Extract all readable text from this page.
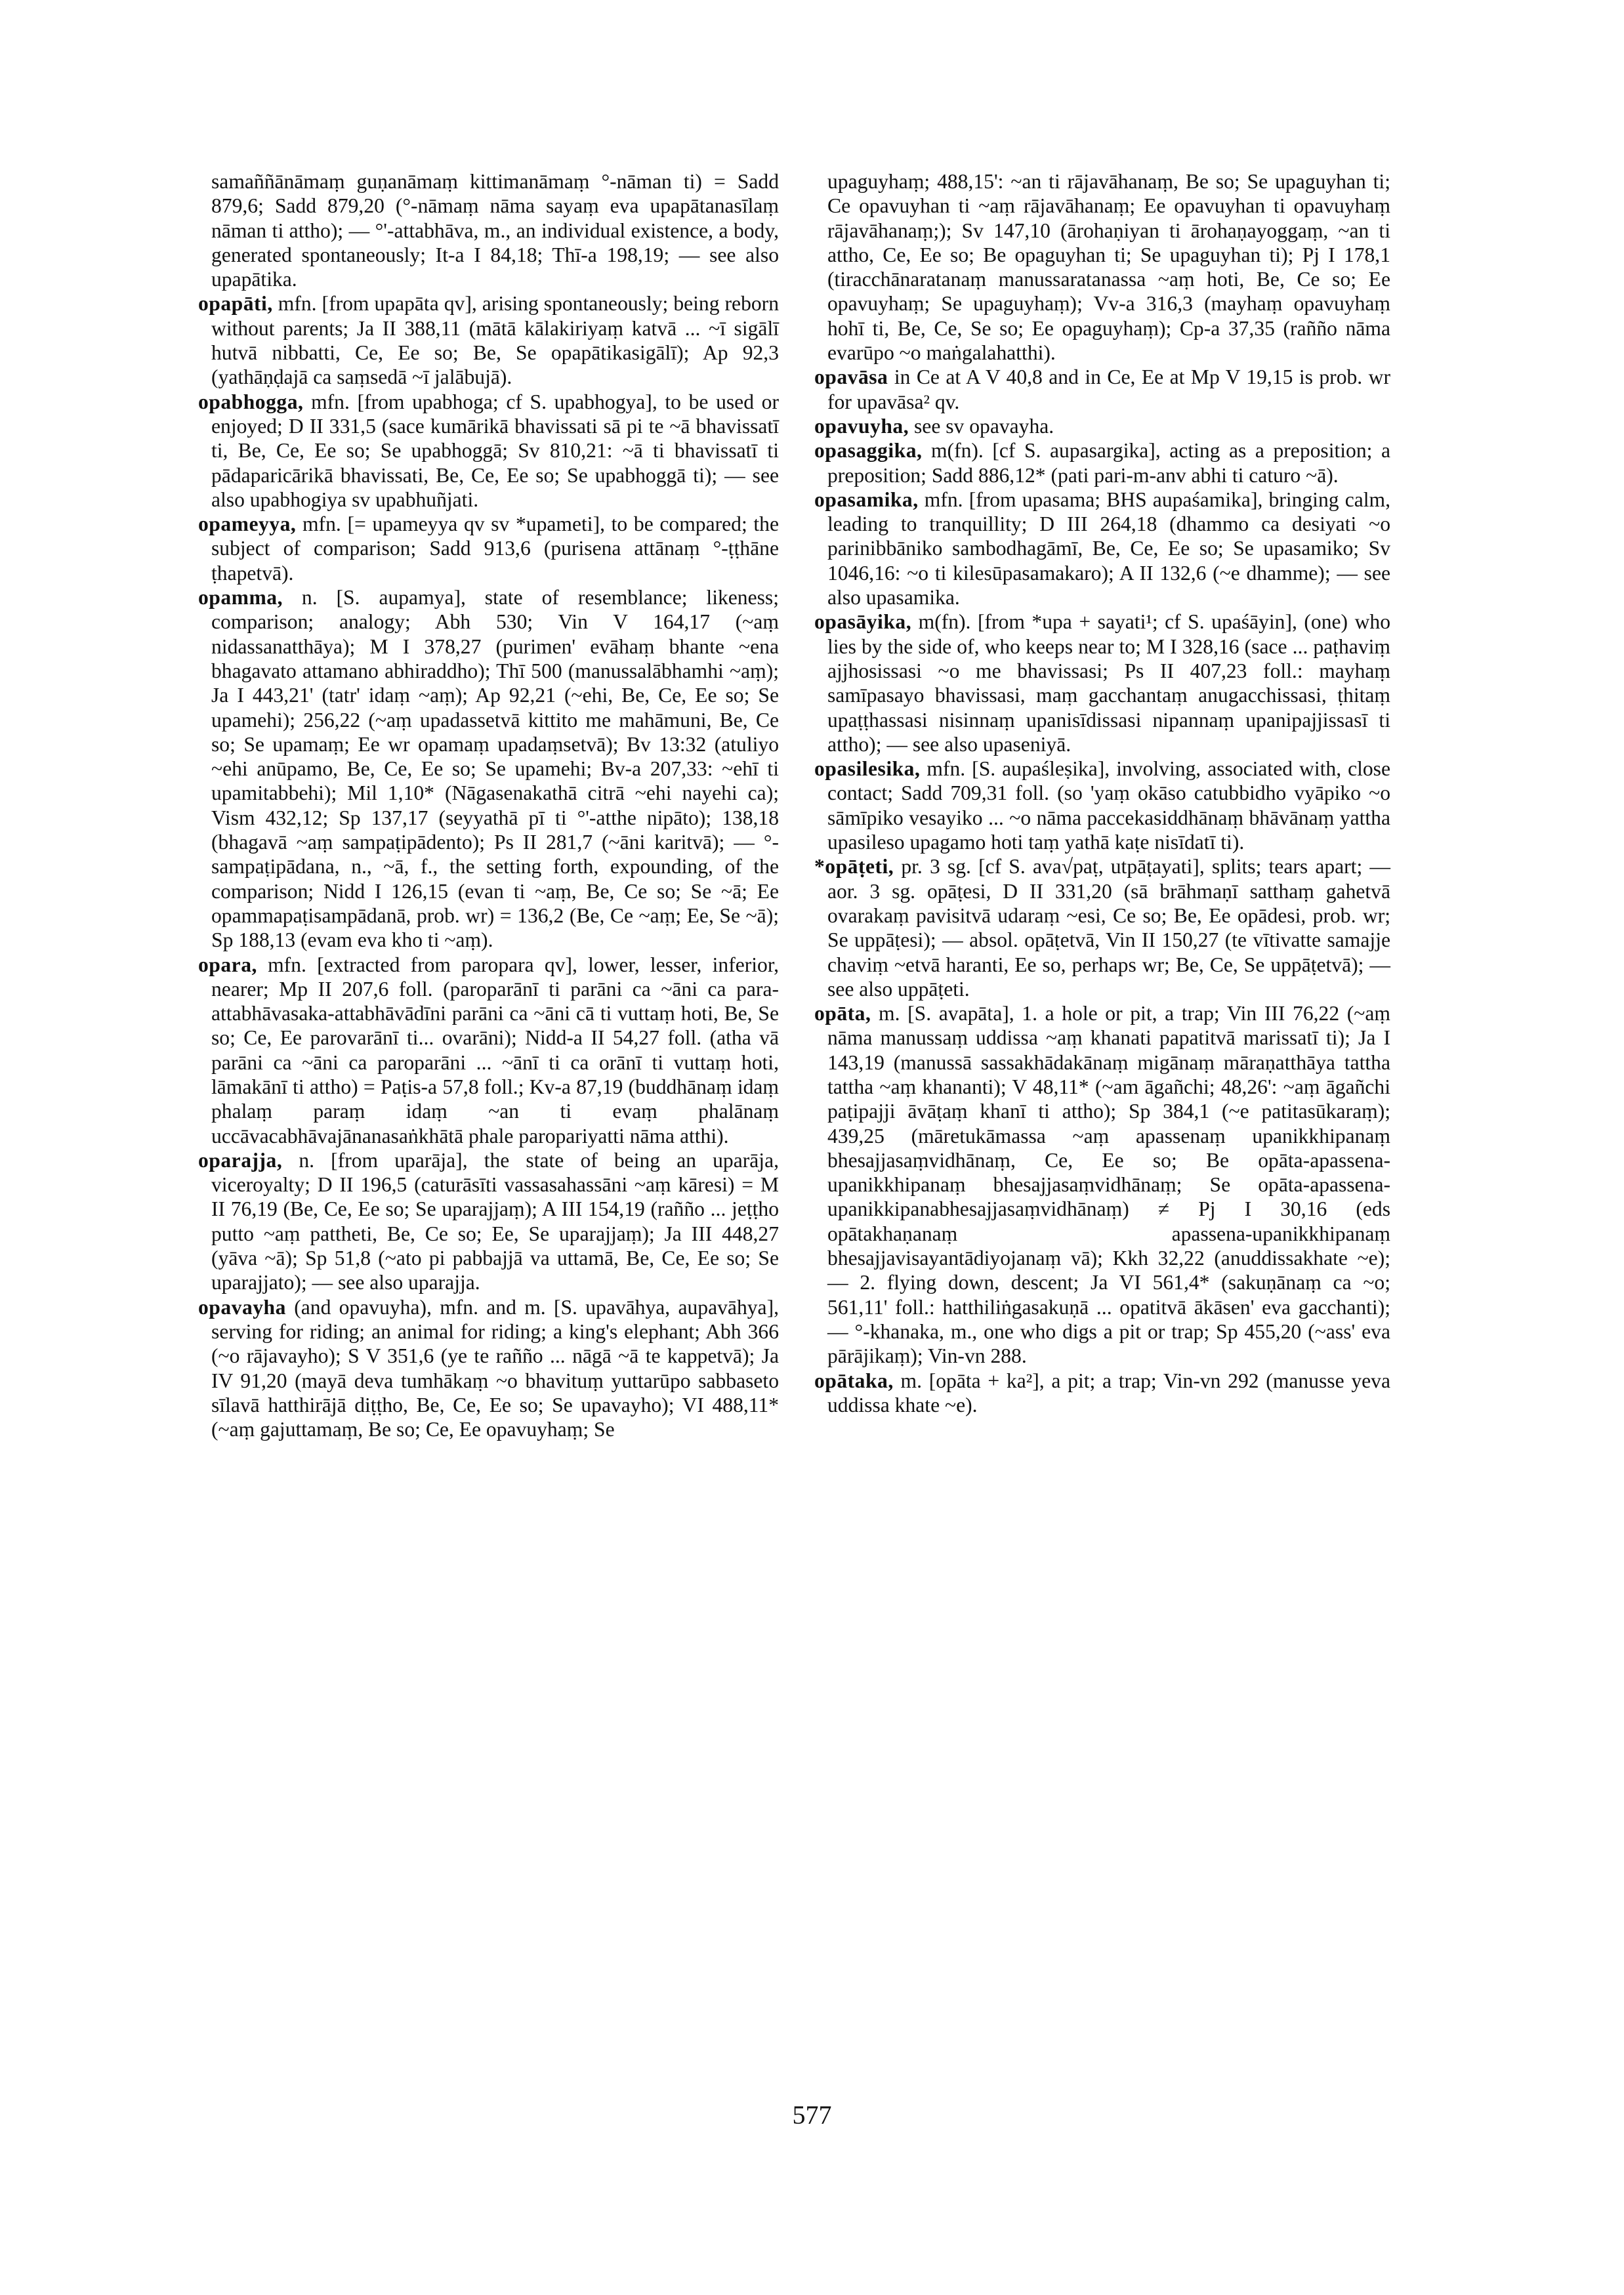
samaññānāmaṃ guṇanāmaṃ kittimanāmaṃ °-nāman ti) = Sadd 879,6; Sadd 879,20 (°-nāmaṃ nāma sayaṃ eva upapātanasīlaṃ nāman ti attho); — °'-attabhāva, m., an individual existence, a body, generated spontaneously; It-a I 84,18; Thī-a 198,19; — see also upapātika.

opapāti, mfn. [from upapāta qv], arising spontaneously; being reborn without parents; Ja II 388,11 (mātā kālakiriyaṃ katvā ... ~ī sigālī hutvā nibbatti, Ce, Ee so; Be, Se opapātikasigālī); Ap 92,3 (yathāṇḍajā ca saṃsedā ~ī jalābujā).

opabhogga, mfn. [from upabhoga; cf S. upabhogya], to be used or enjoyed; D II 331,5 (sace kumārikā bhavissati sā pi te ~ā bhavissatī ti, Be, Ce, Ee so; Se upabhoggā; Sv 810,21: ~ā ti bhavissatī ti pādaparicārikā bhavissati, Be, Ce, Ee so; Se upabhoggā ti); — see also upabhogiya sv upabhuñjati.

opameyya, mfn. [= upameyya qv sv *upameti], to be compared; the subject of comparison; Sadd 913,6 (purisena attānaṃ °-ṭṭhāne ṭhapetvā).

opamma, n. [S. aupamya], state of resemblance; likeness; comparison; analogy; Abh 530; Vin V 164,17 (~aṃ nidassanatthāya); M I 378,27 (purimen' evāhaṃ bhante ~ena bhagavato attamano abhiraddho); Thī 500 (manussalābhamhi ~aṃ); Ja I 443,21' (tatr' idaṃ ~aṃ); Ap 92,21 (~ehi, Be, Ce, Ee so; Se upamehi); 256,22 (~aṃ upadassetvā kittito me mahāmuni, Be, Ce so; Se upamaṃ; Ee wr opamaṃ upadaṃsetvā); Bv 13:32 (atuliyo ~ehi anūpamo, Be, Ce, Ee so; Se upamehi; Bv-a 207,33: ~ehī ti upamitabbehi); Mil 1,10* (Nāgasenakathā citrā ~ehi nayehi ca); Vism 432,12; Sp 137,17 (seyyathā pī ti °'-atthe nipāto); 138,18 (bhagavā ~aṃ sampaṭipādento); Ps II 281,7 (~āni karitvā); — °-sampaṭipādana, n., ~ā, f., the setting forth, expounding, of the comparison; Nidd I 126,15 (evan ti ~aṃ, Be, Ce so; Se ~ā; Ee opammapaṭisampādanā, prob. wr) = 136,2 (Be, Ce ~aṃ; Ee, Se ~ā); Sp 188,13 (evam eva kho ti ~aṃ).

opara, mfn. [extracted from paropara qv], lower, lesser, inferior, nearer; Mp II 207,6 foll. (paroparānī ti parāni ca ~āni ca para-attabhāvasaka-attabhāvādīni parāni ca ~āni cā ti vuttaṃ hoti, Be, Se so; Ce, Ee parovarānī ti... ovarāni); Nidd-a II 54,27 foll. (atha vā parāni ca ~āni ca paroparāni ... ~ānī ti ca orānī ti vuttaṃ hoti, lāmakānī ti attho) = Paṭis-a 57,8 foll.; Kv-a 87,19 (buddhānaṃ idaṃ phalaṃ paraṃ idaṃ ~an ti evaṃ phalānaṃ uccāvacabhāvajānanasaṅkhātā phale paropariyatti nāma atthi).

oparajja, n. [from uparāja], the state of being an uparāja, viceroyalty; D II 196,5 (caturāsīti vassasahassāni ~aṃ kāresi) = M II 76,19 (Be, Ce, Ee so; Se uparajjaṃ); A III 154,19 (rañño ... jeṭṭho putto ~aṃ pattheti, Be, Ce so; Ee, Se uparajjaṃ); Ja III 448,27 (yāva ~ā); Sp 51,8 (~ato pi pabbajjā va uttamā, Be, Ce, Ee so; Se uparajjato); — see also uparajja.

opavayha (and opavuyha), mfn. and m. [S. upavāhya, aupavāhya], serving for riding; an animal for riding; a king's elephant; Abh 366 (~o rājavayho); S V 351,6 (ye te rañño ... nāgā ~ā te kappetvā); Ja IV 91,20 (mayā deva tumhākaṃ ~o bhavituṃ yuttarūpo sabbaseto sīlavā hatthirājā diṭṭho, Be, Ce, Ee so; Se upavayho); VI 488,11* (~aṃ gajuttamaṃ, Be so; Ce, Ee opavuyhaṃ; Se

upaguyhaṃ; 488,15': ~an ti rājavāhanaṃ, Be so; Se upaguyhan ti; Ce opavuyhan ti ~aṃ rājavāhanaṃ; Ee opavuyhan ti opavuyhaṃ rājavāhanaṃ;); Sv 147,10 (ārohaṇiyan ti ārohaṇayoggaṃ, ~an ti attho, Ce, Ee so; Be opaguyhan ti; Se upaguyhan ti); Pj I 178,1 (tiracchānaratanaṃ manussaratanassa ~aṃ hoti, Be, Ce so; Ee opavuyhaṃ; Se upaguyhaṃ); Vv-a 316,3 (mayhaṃ opavuyhaṃ hohī ti, Be, Ce, Se so; Ee opaguyhaṃ); Cp-a 37,35 (rañño nāma evarūpo ~o maṅgalahatthi).

opavāsa in Ce at A V 40,8 and in Ce, Ee at Mp V 19,15 is prob. wr for upavāsa² qv.

opavuyha, see sv opavayha.

opasaggika, m(fn). [cf S. aupasargika], acting as a preposition; a preposition; Sadd 886,12* (pati pari-m-anv abhi ti caturo ~ā).

opasamika, mfn. [from upasama; BHS aupaśamika], bringing calm, leading to tranquillity; D III 264,18 (dhammo ca desiyati ~o parinibbāniko sambodhagāmī, Be, Ce, Ee so; Se upasamiko; Sv 1046,16: ~o ti kilesūpasamakaro); A II 132,6 (~e dhamme); — see also upasamika.

opasāyika, m(fn). [from *upa + sayati¹; cf S. upaśāyin], (one) who lies by the side of, who keeps near to; M I 328,16 (sace ... paṭhaviṃ ajjhosissasi ~o me bhavissasi; Ps II 407,23 foll.: mayhaṃ samīpasayo bhavissasi, maṃ gacchantaṃ anugacchissasi, ṭhitaṃ upaṭṭhassasi nisinnaṃ upanisīdissasi nipannaṃ upanipajjissasī ti attho); — see also upaseniyā.

opasilesika, mfn. [S. aupaśleṣika], involving, associated with, close contact; Sadd 709,31 foll. (so 'yaṃ okāso catubbidho vyāpiko ~o sāmīpiko vesayiko ... ~o nāma paccekasiddhānaṃ bhāvānaṃ yattha upasileso upagamo hoti taṃ yathā kaṭe nisīdatī ti).

*opāṭeti, pr. 3 sg. [cf S. ava√paṭ, utpāṭayati], splits; tears apart; — aor. 3 sg. opāṭesi, D II 331,20 (sā brāhmaṇī satthaṃ gahetvā ovarakaṃ pavisitvā udaraṃ ~esi, Ce so; Be, Ee opādesi, prob. wr; Se uppāṭesi); — absol. opāṭetvā, Vin II 150,27 (te vītivatte samajje chaviṃ ~etvā haranti, Ee so, perhaps wr; Be, Ce, Se uppāṭetvā); — see also uppāṭeti.

opāta, m. [S. avapāta], 1. a hole or pit, a trap; Vin III 76,22 (~aṃ nāma manussaṃ uddissa ~aṃ khanati papatitvā marissatī ti); Ja I 143,19 (manussā sassakhādakānaṃ migānaṃ māraṇatthāya tattha tattha ~aṃ khananti); V 48,11* (~am āgañchi; 48,26': ~aṃ āgañchi paṭipajji āvāṭaṃ khanī ti attho); Sp 384,1 (~e patitasūkaraṃ); 439,25 (māretukāmassa ~aṃ apassenaṃ upanikkhipanaṃ bhesajjasaṃvidhānaṃ, Ce, Ee so; Be opāta-apassena-upanikkhipanaṃ bhesajjasaṃvidhānaṃ; Se opāta-apassena-upanikkipanabhesajjasaṃvidhānaṃ) ≠ Pj I 30,16 (eds opātakhaṇanaṃ apassena-upanikkhipanaṃ bhesajjavisayantādiyojanaṃ vā); Kkh 32,22 (anuddissakhate ~e); — 2. flying down, descent; Ja VI 561,4* (sakuṇānaṃ ca ~o; 561,11' foll.: hatthiliṅgasakuṇā ... opatitvā ākāsen' eva gacchanti); — °-khanaka, m., one who digs a pit or trap; Sp 455,20 (~ass' eva pārājikaṃ); Vin-vn 288.

opātaka, m. [opāta + ka²], a pit; a trap; Vin-vn 292 (manusse yeva uddissa khate ~e).

577
